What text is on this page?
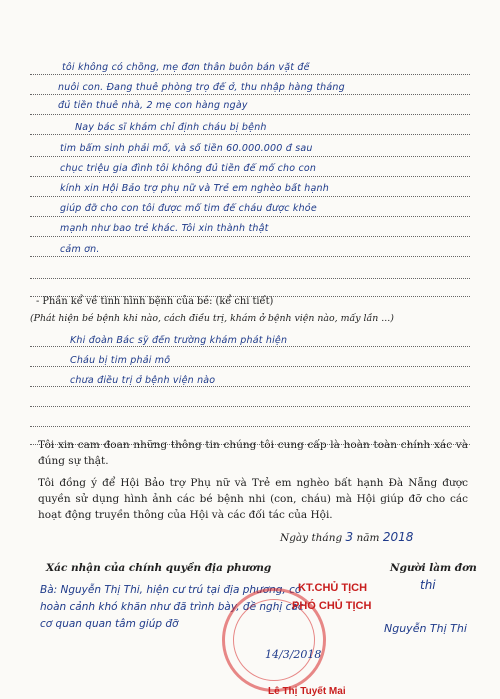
tôi không có chồng, mẹ đơn thân buôn bán vặt để
nuôi con. Đang thuê phòng trọ để ở, thu nhập hàng tháng
đủ tiền thuê nhà, 2 mẹ con hàng ngày
Nay bác sĩ khám chỉ định cháu bị bệnh
tim bẩm sinh phải mổ, và số tiền 60.000.000 đ sau
chục triệu gia đình tôi không đủ tiền để mổ cho con
kính xin Hội Bảo trợ phụ nữ và Trẻ em nghèo bất hạnh
giúp đỡ cho con tôi được mổ tim để cháu được khỏe
mạnh như bao trẻ khác. Tôi xin thành thật
cảm ơn.
- Phần kể về tình hình bệnh của bé: (kể chi tiết)
(Phát hiện bé bệnh khi nào, cách điều trị, khám ở bệnh viện nào, mấy lần ...)
Khi đoàn Bác sỹ đến trường khám phát hiện
Cháu bị tim phải mổ
chưa điều trị ở bệnh viện nào
Tôi xin cam đoan những thông tin chúng tôi cung cấp là hoàn toàn chính xác và đúng sự thật.
Tôi đồng ý để Hội Bảo trợ Phụ nữ và Trẻ em nghèo bất hạnh Đà Nẵng được quyền sử dụng hình ảnh các bé bệnh nhi (con, cháu) mà Hội giúp đỡ cho các hoạt động truyền thông của Hội và các đối tác của Hội.
Ngày tháng 3 năm 2018
Xác nhận của chính quyền địa phương	Người làm đơn
Bà: Nguyễn Thị Thi, hiện cư trú tại địa phương, có hoàn cảnh khó khăn như đã trình bày, đề nghị các cơ quan quan tâm giúp đỡ
KT.CHỦ TỊCH
PHÓ CHỦ TỊCH
14/3/2018
Lê Thị Tuyết Mai
thi
Nguyễn Thị Thi
